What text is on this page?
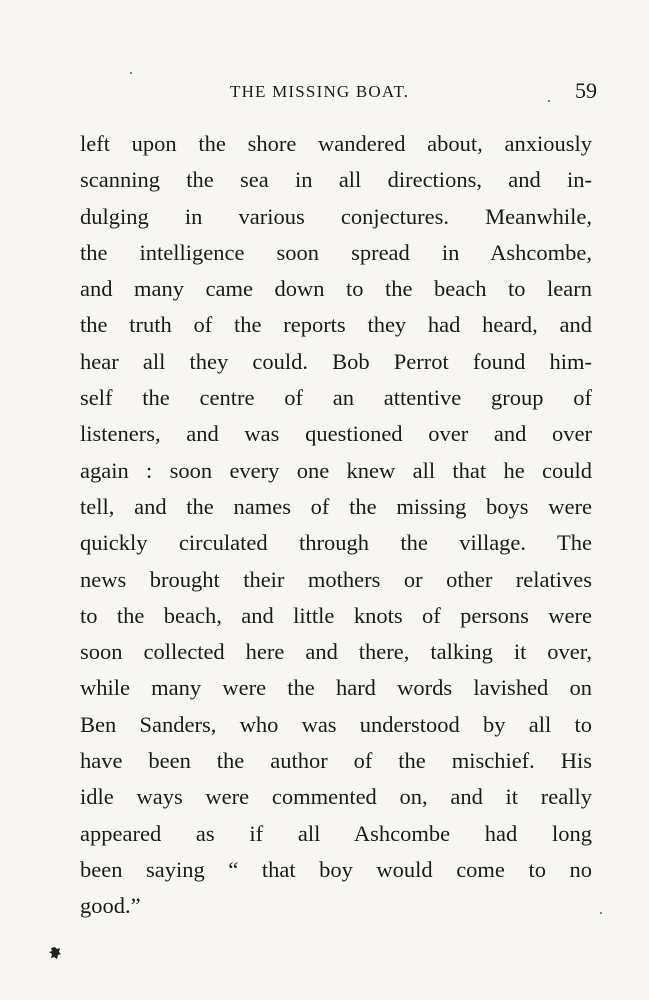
THE MISSING BOAT.	59
left upon the shore wandered about, anxiously
scanning the sea in all directions, and in-
dulging in various conjectures. Meanwhile,
the intelligence soon spread in Ashcombe,
and many came down to the beach to learn
the truth of the reports they had heard, and
hear all they could. Bob Perrot found him-
self the centre of an attentive group of
listeners, and was questioned over and over
again : soon every one knew all that he could
tell, and the names of the missing boys were
quickly circulated through the village. The
news brought their mothers or other relatives
to the beach, and little knots of persons were
soon collected here and there, talking it over,
while many were the hard words lavished on
Ben Sanders, who was understood by all to
have been the author of the mischief. His
idle ways were commented on, and it really
appeared as if all Ashcombe had long
been saying “ that boy would come to no
good.”
